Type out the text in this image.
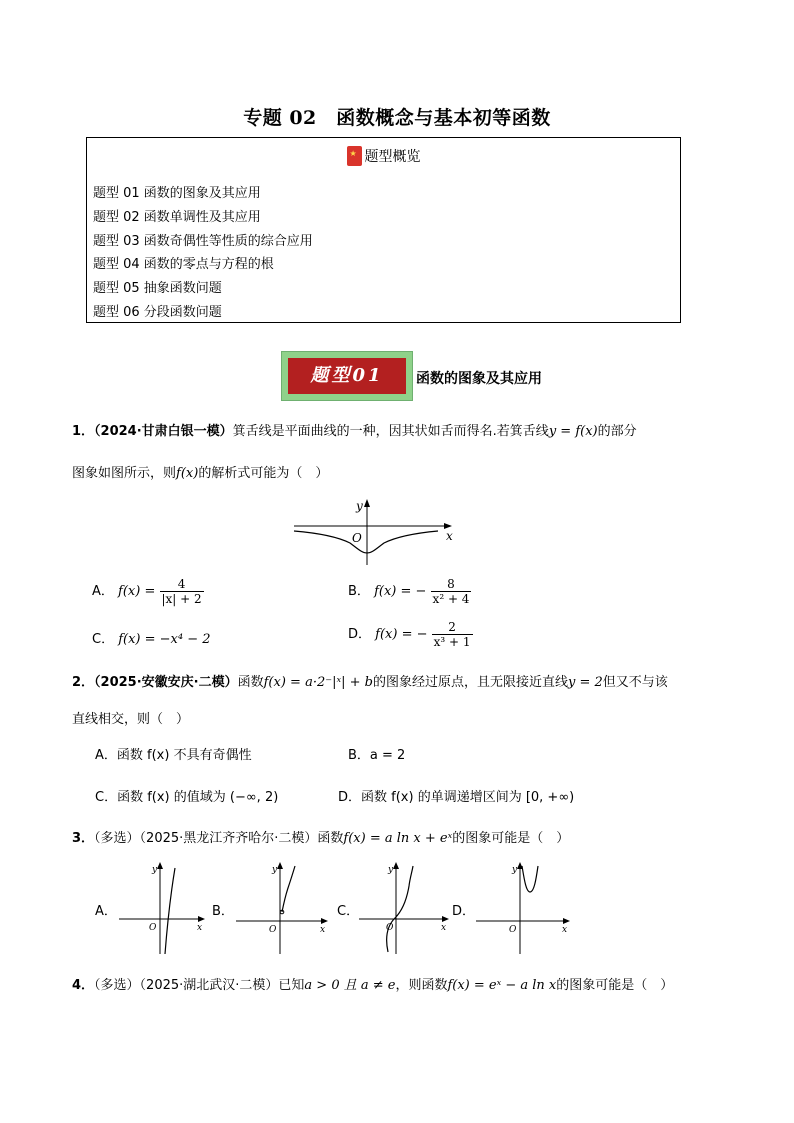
专题 02　函数概念与基本初等函数
★题型概览
题型 01 函数的图象及其应用
题型 02 函数单调性及其应用
题型 03 函数奇偶性等性质的综合应用
题型 04 函数的零点与方程的根
题型 05 抽象函数问题
题型 06 分段函数问题
题型01	函数的图象及其应用
1．（2024·甘肃白银一模）箕舌线是平面曲线的一种，因其状如舌而得名.若箕舌线y = f(x)的部分
图象如图所示，则f(x)的解析式可能为（　）
y
x
O
A． $f(x) = \frac{4}{|x| + 2}$	B． f(x) = − $\frac{8}{\text{x² + 4}}$
C． f(x) = −x⁴ − 2	D． f(x) = − $\frac{2}{\text{x³ + 1}}$
2．（2025·安徽安庆·二模）函数f(x) = a·2⁻|ˣ| + b的图象经过原点，且无限接近直线y = 2但又不与该
直线相交，则（　）
A．函数 f(x) 不具有奇偶性	B．a = 2
C．函数 f(x) 的值域为 (−∞, 2)	D．函数 f(x) 的单调递增区间为 [0, +∞)
3．（多选）（2025·黑龙江齐齐哈尔·二模）函数f(x) = a ln x + eˣ的图象可能是（　）
A．
y
x
O
B．
y
x
O
C．
y
x
O
D．
y
x
O
4．（多选）（2025·湖北武汉·二模）已知a > 0 且 a ≠ e，则函数f(x) = eˣ − a ln x的图象可能是（　）
